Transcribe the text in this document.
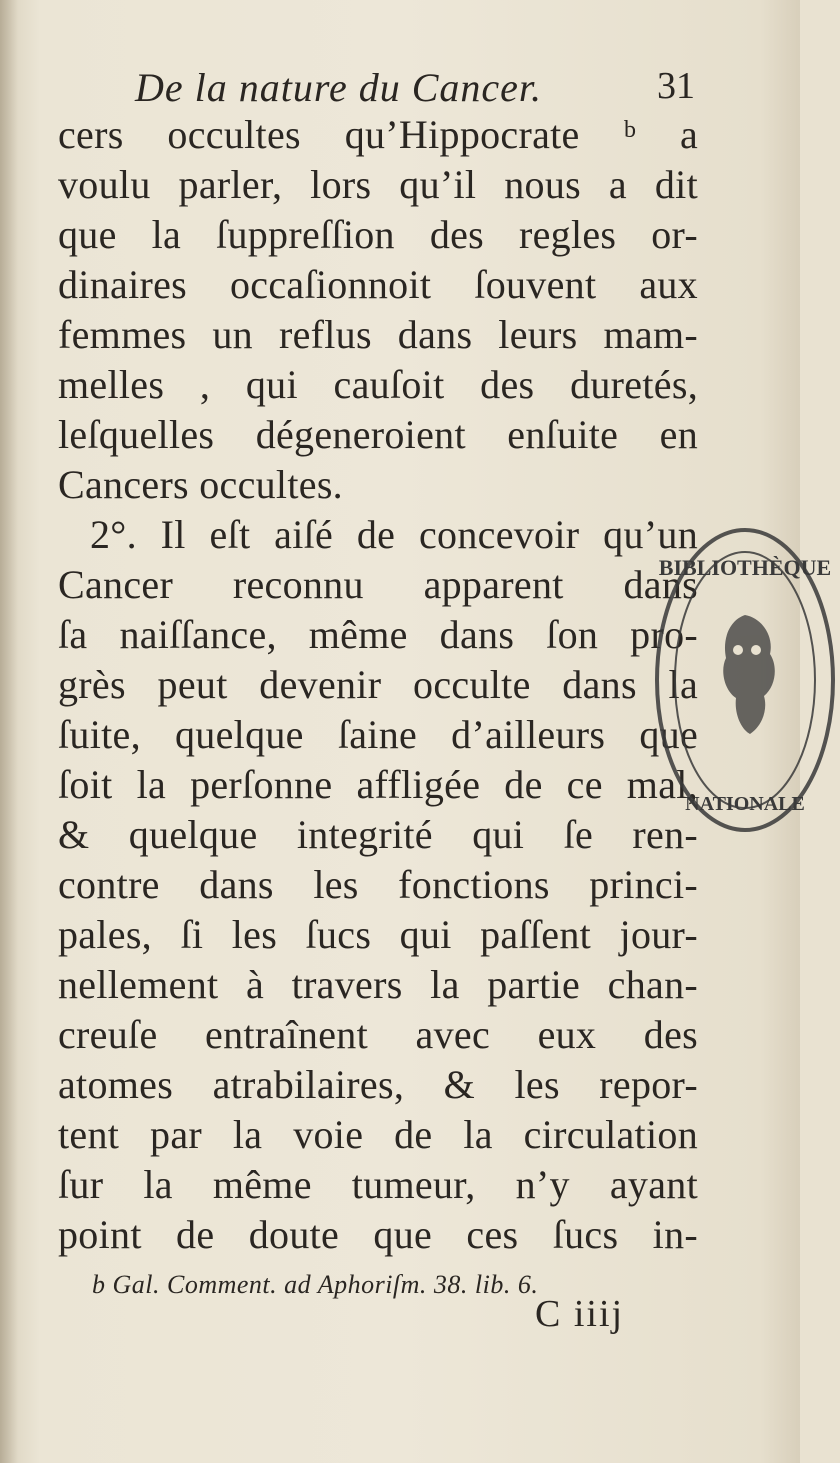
De la nature du Cancer.	31
cers occultes qu’Hippocrate ᵇ a
voulu parler, lors qu’il nous a dit
que la ſuppreſſion des regles or-
dinaires occaſionnoit ſouvent aux
femmes un reflus dans leurs mam-
melles , qui cauſoit des duretés,
leſquelles dégeneroient enſuite en
Cancers occultes.
2°. Il eſt aiſé de concevoir qu’un
Cancer reconnu apparent dans
ſa naiſſance, même dans ſon pro-
grès peut devenir occulte dans la
ſuite, quelque ſaine d’ailleurs que
ſoit la perſonne affligée de ce mal,
& quelque integrité qui ſe ren-
contre dans les fonctions princi-
pales, ſi les ſucs qui paſſent jour-
nellement à travers la partie chan-
creuſe entraînent avec eux des
atomes atrabilaires, & les repor-
tent par la voie de la circulation
ſur la même tumeur, n’y ayant
point de doute que ces ſucs in-
BIBLIOTHÈQUE
NATIONALE
b Gal. Comment. ad Aphoriſm. 38. lib. 6.
C iiij
